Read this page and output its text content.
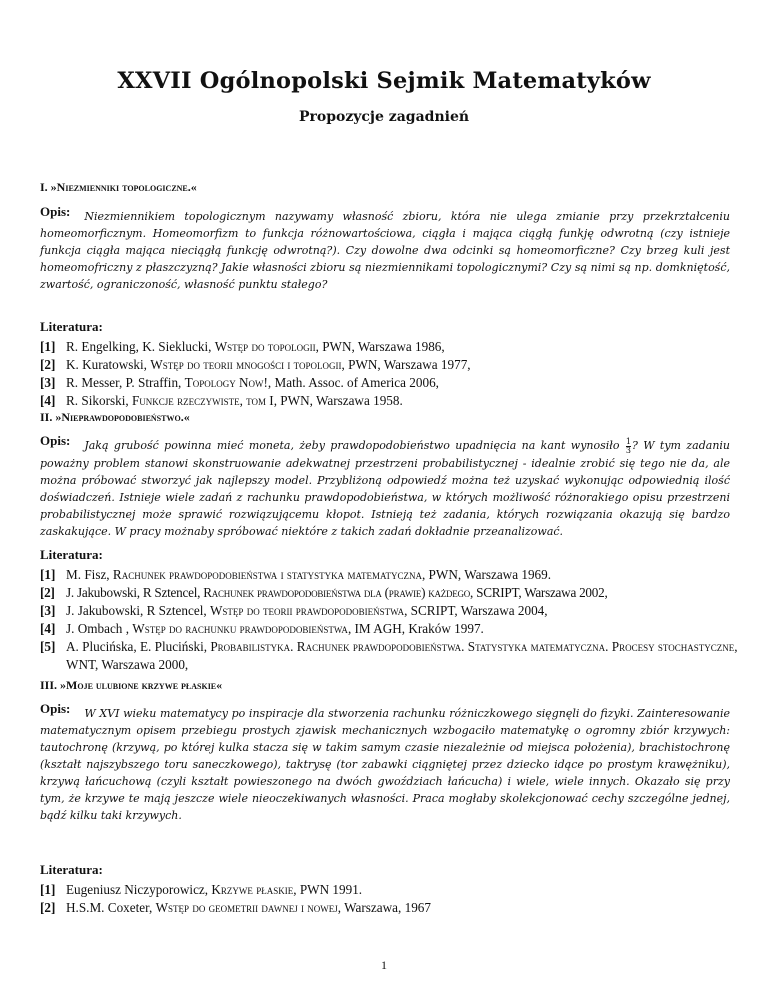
XXVII Ogólnopolski Sejmik Matematyków
Propozycje zagadnień
I. »Niezmienniki topologiczne.«
Opis: Niezmiennikiem topologicznym nazywamy własność zbioru, która nie ulega zmianie przy przekrztałceniu homeomorficznym. Homeomorfizm to funkcja różnowartościowa, ciągła i mająca ciągłą funkję odwrotną (czy istnieje funkcja ciągła mająca nieciągłą funkcję odwrotną?). Czy dowolne dwa odcinki są homeomorficzne? Czy brzeg kuli jest homeomofriczny z płaszczyzną? Jakie własności zbioru są niezmiennikami topologicznymi? Czy są nimi są np. domkniętość, zwartość, ograniczoność, własność punktu stałego?
Literatura:
[1] R. Engelking, K. Sieklucki, Wstęp do topologii, PWN, Warszawa 1986,
[2] K. Kuratowski, Wstęp do teorii mnogości i topologii, PWN, Warszawa 1977,
[3] R. Messer, P. Straffin, Topology Now!, Math. Assoc. of America 2006,
[4] R. Sikorski, Funkcje rzeczywiste, tom I, PWN, Warszawa 1958.
II. »Nieprawdopodobieństwo.«
Opis: Jaką grubość powinna mieć moneta, żeby prawdopodobieństwo upadnięcia na kant wynosiło $\frac{1}{3}$ ? W tym zadaniu poważny problem stanowi skonstruowanie adekwatnej przestrzeni probabilistycznej - idealnie zrobić się tego nie da, ale można próbować stworzyć jak najlepszy model. Przybliżoną odpowiedź można też uzyskać wykonując odpowiednią ilość doświadczeń. Istnieje wiele zadań z rachunku prawdopodobieństwa, w których możliwość różnorakiego opisu przestrzeni probabilistycznej może sprawić rozwiązującemu kłopot. Istnieją też zadania, których rozwiązania okazują się bardzo zaskakujące. W pracy możnaby spróbować niektóre z takich zadań dokładnie przeanalizować.
Literatura:
[1] M. Fisz, Rachunek prawdopodobieństwa i statystyka matematyczna, PWN, Warszawa 1969.
[2] J. Jakubowski, R Sztencel, Rachunek prawdopodobieństwa dla (prawie) każdego, SCRIPT, Warszawa 2002,
[3] J. Jakubowski, R Sztencel, Wstęp do teorii prawdopodobieństwa, SCRIPT, Warszawa 2004,
[4] J. Ombach , Wstęp do rachunku prawdopodobieństwa, IM AGH, Kraków 1997.
[5] A. Plucińska, E. Pluciński, Probabilistyka. Rachunek prawdopodobieństwa. Statystyka matematyczna. Procesy stochastyczne, WNT, Warszawa 2000,
III. »Moje ulubione krzywe płaskie«
Opis: W XVI wieku matematycy po inspiracje dla stworzenia rachunku różniczkowego sięgnęli do fizyki. Zainteresowanie matematycznym opisem przebiegu prostych zjawisk mechanicznych wzbogaciło matematykę o ogromny zbiór krzywych: tautochronę (krzywą, po której kulka stacza się w takim samym czasie niezależnie od miejsca położenia), brachistochronę (kształt najszybszego toru saneczkowego), taktrysę (tor zabawki ciągniętej przez dziecko idące po prostym krawężniku), krzywą łańcuchową (czyli kształt powieszonego na dwóch gwoździach łańcucha) i wiele, wiele innych. Okazało się przy tym, że krzywe te mają jeszcze wiele nieoczekiwanych własności. Praca mogłaby skolekcjonować cechy szczególne jednej, bądź kilku taki krzywych.
Literatura:
[1] Eugeniusz Niczyporowicz, Krzywe płaskie, PWN 1991.
[2] H.S.M. Coxeter, Wstęp do geometrii dawnej i nowej, Warszawa, 1967
1
